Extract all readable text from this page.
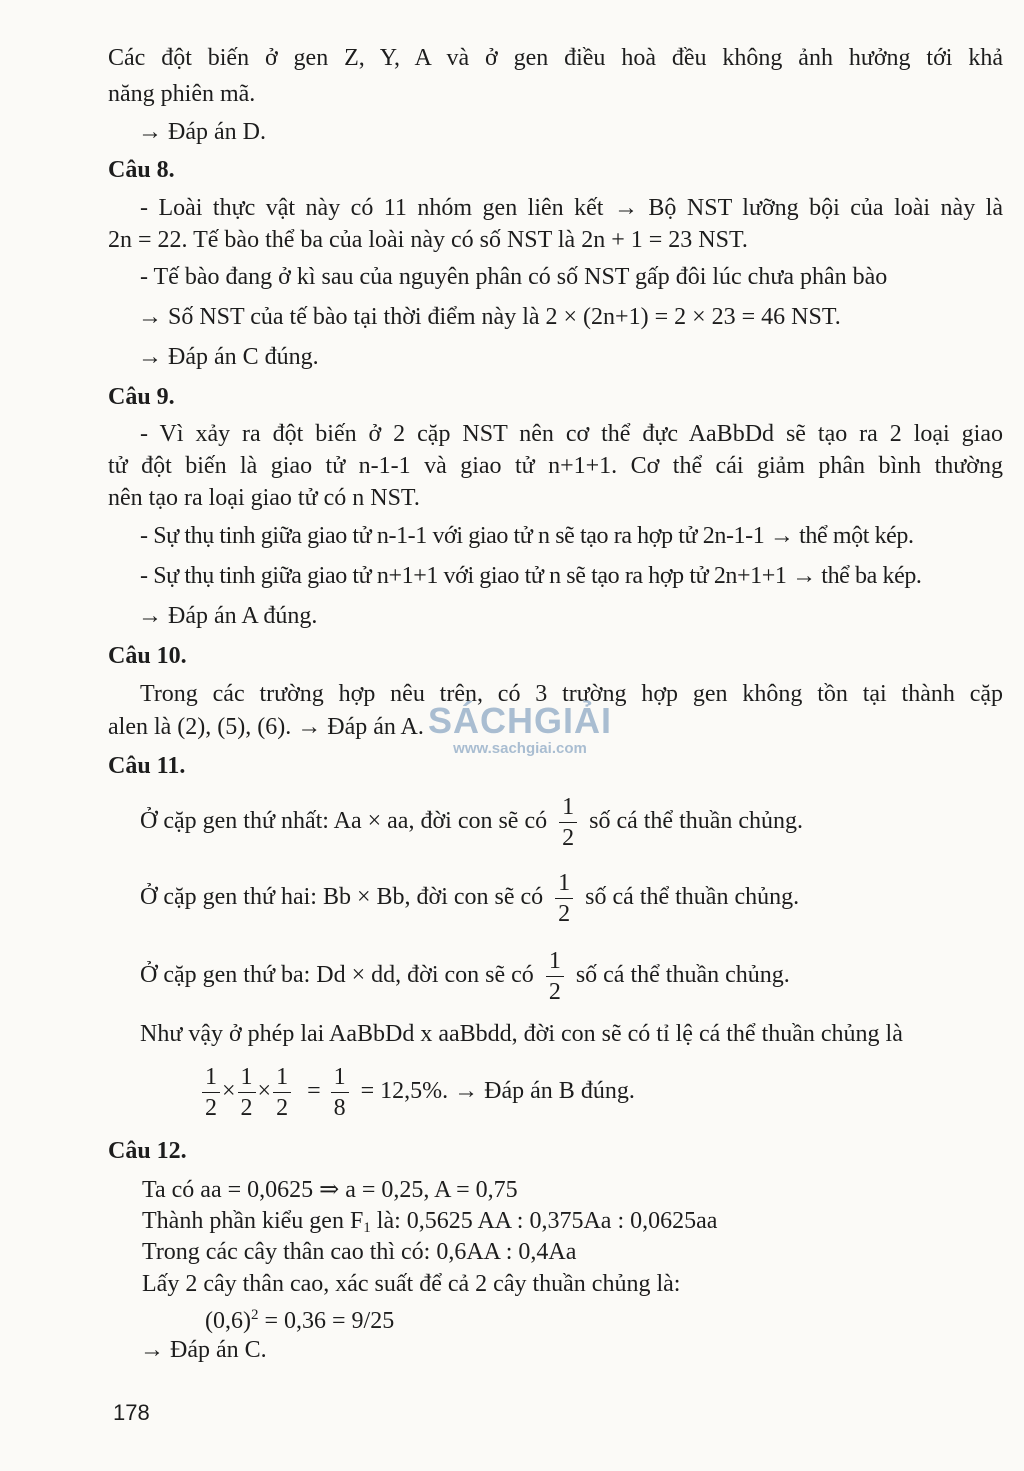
Các đột biến ở gen Z, Y, A và ở gen điều hoà đều không ảnh hưởng tới khả
năng phiên mã.
→ Đáp án D.
Câu 8.
- Loài thực vật này có 11 nhóm gen liên kết → Bộ NST lưỡng bội của loài này là
2n = 22. Tế bào thể ba của loài này có số NST là 2n + 1 = 23 NST.
- Tế bào đang ở kì sau của nguyên phân có số NST gấp đôi lúc chưa phân bào
→ Số NST của tế bào tại thời điểm này là 2 × (2n+1) = 2 × 23 = 46 NST.
→ Đáp án C đúng.
Câu 9.
- Vì xảy ra đột biến ở 2 cặp NST nên cơ thể đực AaBbDd sẽ tạo ra 2 loại giao
tử đột biến là giao tử n-1-1 và giao tử n+1+1. Cơ thể cái giảm phân bình thường
nên tạo ra loại giao tử có n NST.
- Sự thụ tinh giữa giao tử n-1-1 với giao tử n sẽ tạo ra hợp tử 2n-1-1 → thể một kép.
- Sự thụ tinh giữa giao tử n+1+1 với giao tử n sẽ tạo ra hợp tử 2n+1+1 → thể ba kép.
→ Đáp án A đúng.
Câu 10.
Trong các trường hợp nêu trên, có 3 trường hợp gen không tồn tại thành cặp
alen là (2), (5), (6). → Đáp án A.
Câu 11.
Ở cặp gen thứ nhất: Aa × aa, đời con sẽ có $\frac{1}{2}$ số cá thể thuần chủng.
Ở cặp gen thứ hai: Bb × Bb, đời con sẽ có $\frac{1}{2}$ số cá thể thuần chủng.
Ở cặp gen thứ ba: Dd × dd, đời con sẽ có $\frac{1}{2}$ số cá thể thuần chủng.
Như vậy ở phép lai AaBbDd x aaBbdd, đời con sẽ có tỉ lệ cá thể thuần chủng là
$\frac{1}{2} \times \frac{1}{2} \times \frac{1}{2} = \frac{1}{8} = 12,5\%$. → Đáp án B đúng.
Câu 12.
Ta có aa = 0,0625 ⇒ a = 0,25, A = 0,75
Thành phần kiểu gen $F_1$ là: 0,5625 AA : 0,375Aa : 0,0625aa
Trong các cây thân cao thì có: 0,6AA : 0,4Aa
Lấy 2 cây thân cao, xác suất để cả 2 cây thuần chủng là:
$(0,6)^2 = 0,36 = 9/25$
→ Đáp án C.
SÁCHGIẢI
www.sachgiai.com
178
